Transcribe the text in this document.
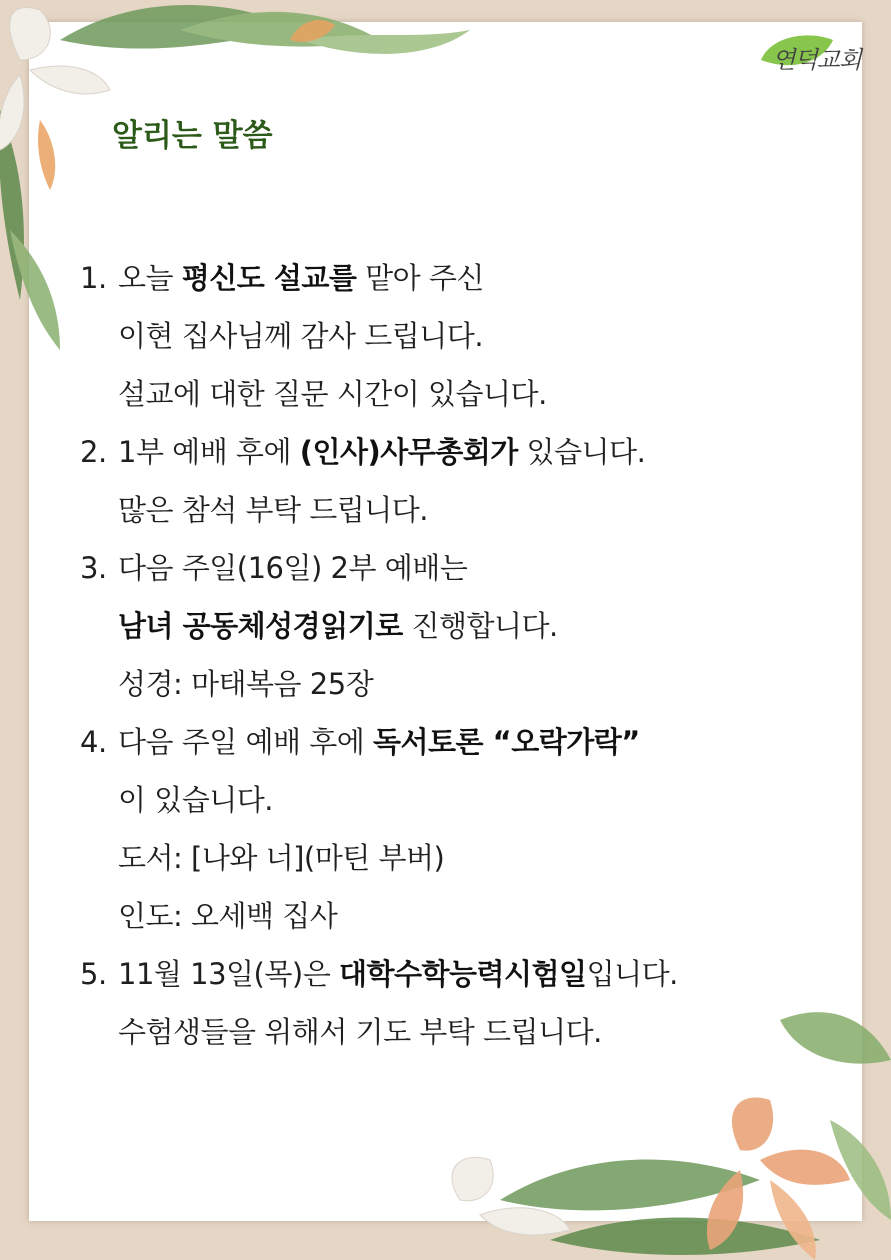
연덕교회
알리는 말씀
1. 오늘 평신도 설교를 맡아 주신
이현 집사님께 감사 드립니다.
설교에 대한 질문 시간이 있습니다.
2. 1부 예배 후에 (인사)사무총회가 있습니다.
많은 참석 부탁 드립니다.
3. 다음 주일(16일) 2부 예배는
남녀 공동체성경읽기로 진행합니다.
성경: 마태복음 25장
4. 다음 주일 예배 후에 독서토론 “오락가락”
이 있습니다.
도서: [나와 너](마틴 부버)
인도: 오세백 집사
5. 11월 13일(목)은 대학수학능력시험일입니다.
수험생들을 위해서 기도 부탁 드립니다.
